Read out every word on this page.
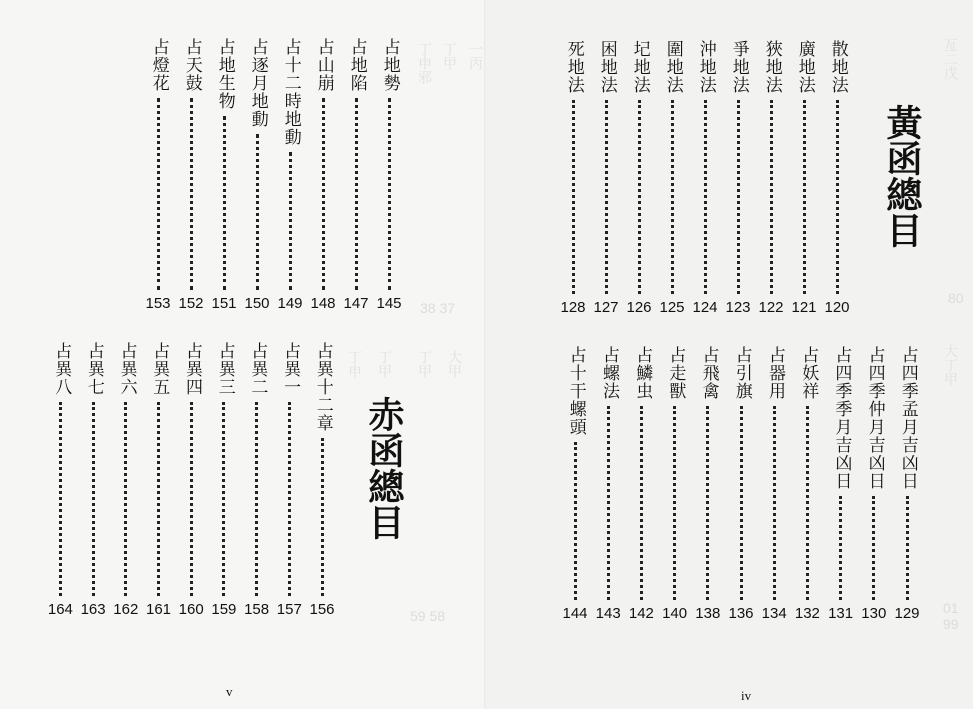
丁申邪 丁甲 一丙
丁申 丁甲 丁甲 大甲
38 37
59 58
占地勢
145
占地陷
147
占山崩
148
占十二時地動
149
占逐月地動
150
占地生物
151
占天鼓
152
占燈花
153
占異十二章
156
占異一
157
占異二
158
占異三
159
占異四
160
占異五
161
占異六
162
占異七
163
占異八
164
赤函總目
v
亙二戊
大丁甲
80
01 99
散地法
120
廣地法
121
狹地法
122
爭地法
123
沖地法
124
圍地法
125
圮地法
126
困地法
127
死地法
128
占四季孟月吉凶日
129
占四季仲月吉凶日
130
占四季季月吉凶日
131
占妖祥
132
占器用
134
占引旗
136
占飛禽
138
占走獸
140
占鱗虫
142
占螺法
143
占十干螺頭
144
黃函總目
iv
